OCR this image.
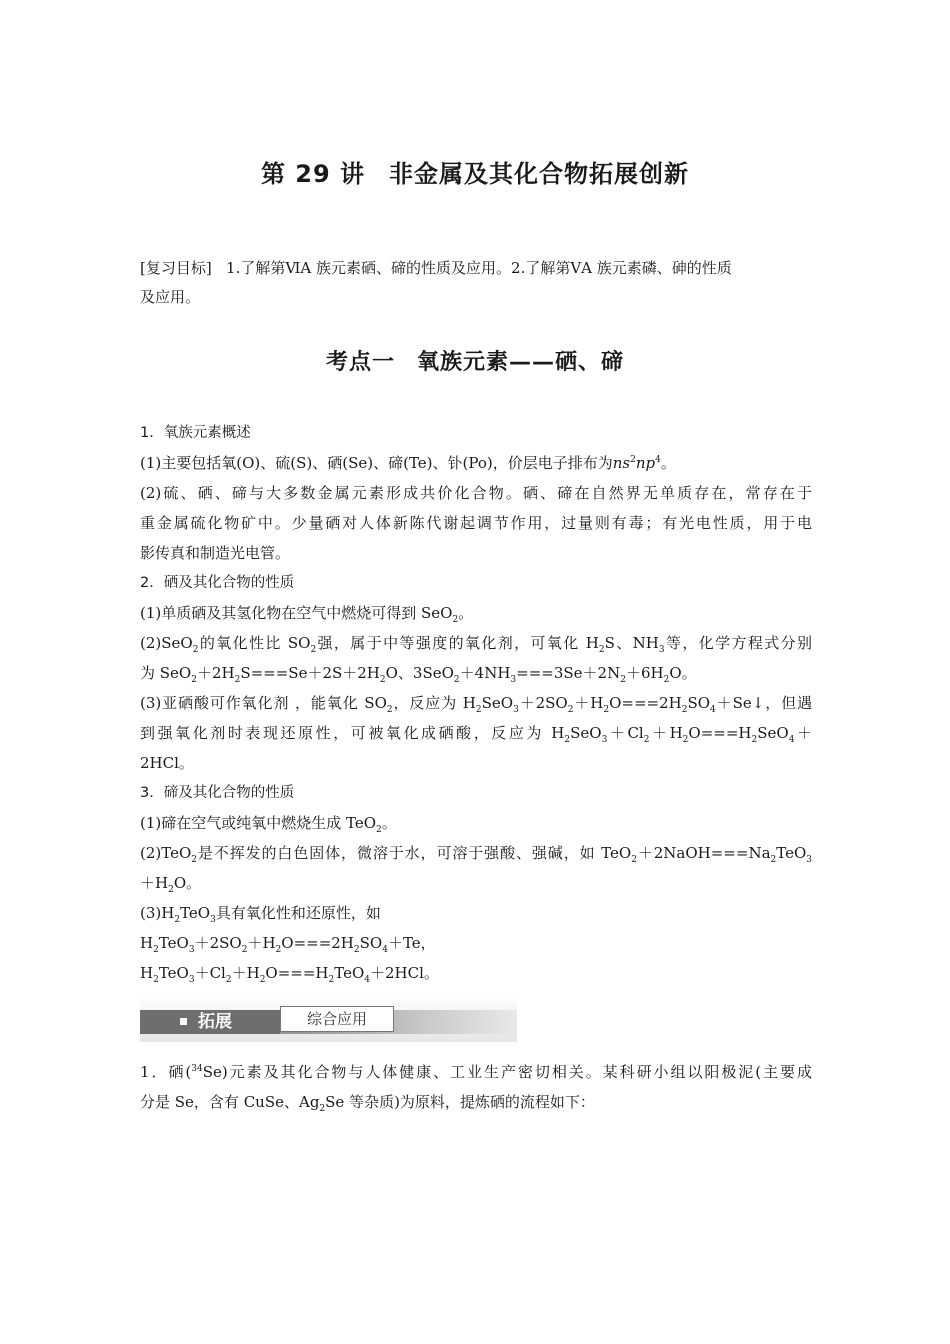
第 29 讲 非金属及其化合物拓展创新
[复习目标] 1.了解第ⅥA 族元素硒、碲的性质及应用。2.了解第ⅤA 族元素磷、砷的性质
及应用。
考点一 氧族元素——硒、碲
1．氧族元素概述
(1)主要包括氧(O)、硫(S)、硒(Se)、碲(Te)、钋(Po)，价层电子排布为$ns^2np^4$。
(2)硫、硒、碲与大多数金属元素形成共价化合物。硒、碲在自然界无单质存在，常存在于
重金属硫化物矿中。少量硒对人体新陈代谢起调节作用，过量则有毒；有光电性质，用于电
影传真和制造光电管。
2．硒及其化合物的性质
(1)单质硒及其氢化物在空气中燃烧可得到 SeO$_2$。
(2)SeO$_2$的氧化性比 $SO_2$强，属于中等强度的氧化剂，可氧化 $H_2S$、$NH_3$等，化学方程式分别
为 $SeO_2+2H_2S===Se+2S+2H_2O$、$3SeO_2+4NH_3===3Se+2N_2+6H_2O$。
(3)亚硒酸可作氧化剂 ，能氧化 $SO_2$，反应为 $H_2SeO_3+2SO_2+H_2O===2H_2SO_4+Se↓$，但遇
到强氧化剂时表现还原性，可被氧化成硒酸，反应为 $H_2SeO_3+Cl_2+H_2O===H_2SeO_4+$
2HCl。
3．碲及其化合物的性质
(1)碲在空气或纯氧中燃烧生成 TeO$_2$。
(2)TeO$_2$是不挥发的白色固体，微溶于水，可溶于强酸、强碱，如 $TeO_2+2NaOH===Na_2TeO_3$
$+H_2O$。
$(3)H_2TeO_3$具有氧化性和还原性，如
$H_2TeO_3+2SO_2+H_2O===2H_2SO_4+Te$，
$H_2TeO_3+Cl_2+H_2O===H_2TeO_4+2HCl$。
拓展	综合应用
1．硒($^{34}$Se)元素及其化合物与人体健康、工业生产密切相关。某科研小组以阳极泥(主要成
分是 Se，含有 CuSe、$Ag_2Se$ 等杂质)为原料，提炼硒的流程如下：
